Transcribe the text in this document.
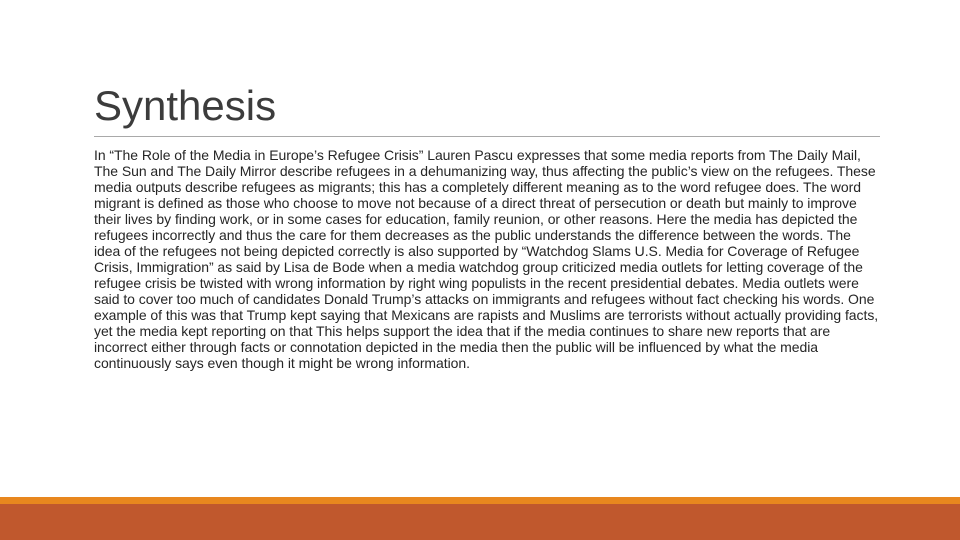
Synthesis

In “The Role of the Media in Europe’s Refugee Crisis” Lauren Pascu expresses that some media reports from The Daily Mail, The Sun and The Daily Mirror describe refugees in a dehumanizing way, thus affecting the public’s view on the refugees. These media outputs describe refugees as migrants; this has a completely different meaning as to the word refugee does. The word migrant is defined as those who choose to move not because of a direct threat of persecution or death but mainly to improve their lives by finding work, or in some cases for education, family reunion, or other reasons. Here the media has depicted the refugees incorrectly and thus the care for them decreases as the public understands the difference between the words. The idea of the refugees not being depicted correctly is also supported by “Watchdog Slams U.S. Media for Coverage of Refugee Crisis, Immigration” as said by Lisa de Bode when a media watchdog group criticized media outlets for letting coverage of the refugee crisis be twisted with wrong information by right wing populists in the recent presidential debates. Media outlets were said to cover too much of candidates Donald Trump’s attacks on immigrants and refugees without fact checking his words. One example of this was that Trump kept saying that Mexicans are rapists and Muslims are terrorists without actually providing facts, yet the media kept reporting on that This helps support the idea that if the media continues to share new reports that are incorrect either through facts or connotation depicted in the media then the public will be influenced by what the media continuously says even though it might be wrong information.
